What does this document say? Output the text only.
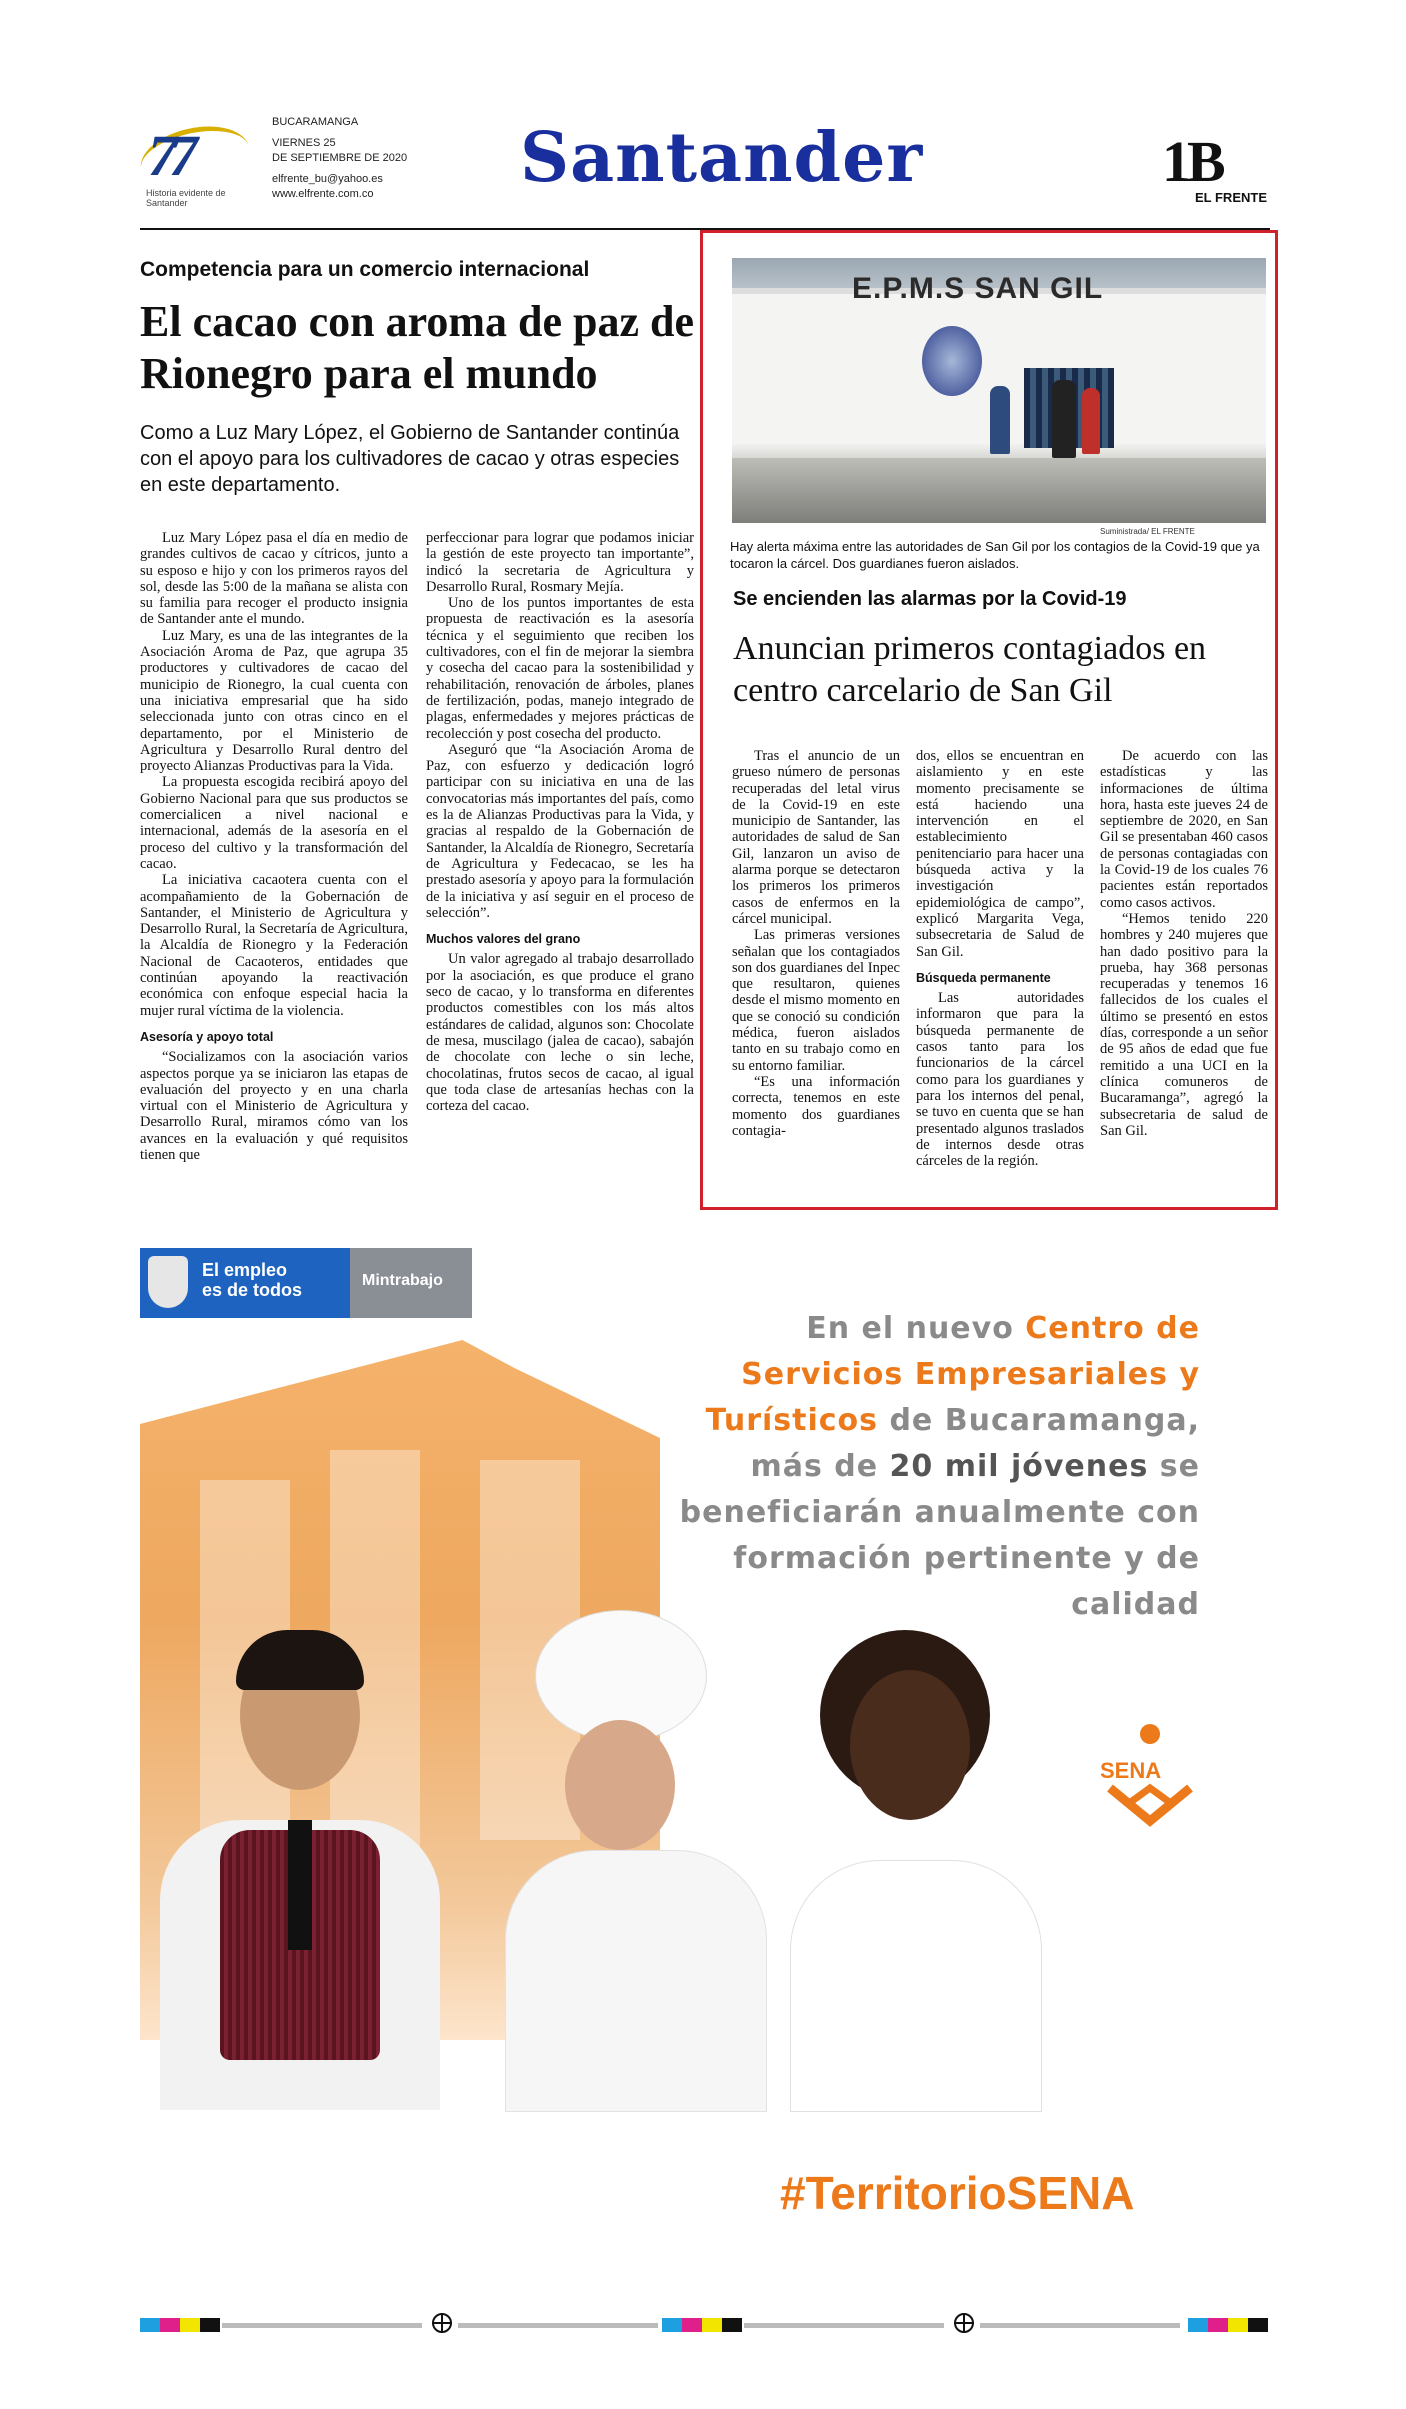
77
Historia evidente de Santander
BUCARAMANGA
VIERNES 25
DE SEPTIEMBRE DE 2020
elfrente_bu@yahoo.es
www.elfrente.com.co	Santander	1B
EL FRENTE
Competencia para un comercio internacional
El cacao con aroma de paz de Rionegro para el mundo
Como a Luz Mary López, el Gobierno de Santander continúa con el apoyo para los cultivadores de cacao y otras especies en este departamento.

Luz Mary López pasa el día en medio de grandes cultivos de cacao y cítricos, junto a su esposo e hijo y con los primeros rayos del sol, desde las 5:00 de la mañana se alista con su familia para recoger el producto insignia de Santander ante el mundo.

Luz Mary, es una de las integrantes de la Asociación Aroma de Paz, que agrupa 35 productores y cultivadores de cacao del municipio de Rionegro, la cual cuenta con una iniciativa empresarial que ha sido seleccionada junto con otras cinco en el departamento, por el Ministerio de Agricultura y Desarrollo Rural dentro del proyecto Alianzas Productivas para la Vida.

La propuesta escogida recibirá apoyo del Gobierno Nacional para que sus productos se comercialicen a nivel nacional e internacional, además de la asesoría en el proceso del cultivo y la transformación del cacao.

La iniciativa cacaotera cuenta con el acompañamiento de la Gobernación de Santander, el Ministerio de Agricultura y Desarrollo Rural, la Secretaría de Agricultura, la Alcaldía de Rionegro y la Federación Nacional de Cacaoteros, entidades que continúan apoyando la reactivación económica con enfoque especial hacia la mujer rural víctima de la violencia.

Asesoría y apoyo total

“Socializamos con la asociación varios aspectos porque ya se iniciaron las etapas de evaluación del proyecto y en una charla virtual con el Ministerio de Agricultura y Desarrollo Rural, miramos cómo van los avances en la evaluación y qué requisitos tienen que

perfeccionar para lograr que podamos iniciar la gestión de este proyecto tan importante”, indicó la secretaria de Agricultura y Desarrollo Rural, Rosmary Mejía.

Uno de los puntos importantes de esta propuesta de reactivación es la asesoría técnica y el seguimiento que reciben los cultivadores, con el fin de mejorar la siembra y cosecha del cacao para la sostenibilidad y rehabilitación, renovación de árboles, planes de fertilización, podas, manejo integrado de plagas, enfermedades y mejores prácticas de recolección y post cosecha del producto.

Aseguró que “la Asociación Aroma de Paz, con esfuerzo y dedicación logró participar con su iniciativa en una de las convocatorias más importantes del país, como es la de Alianzas Productivas para la Vida, y gracias al respaldo de la Gobernación de Santander, la Alcaldía de Rionegro, Secretaría de Agricultura y Fedecacao, se les ha prestado asesoría y apoyo para la formulación de la iniciativa y así seguir en el proceso de selección”.

Muchos valores del grano

Un valor agregado al trabajo desarrollado por la asociación, es que produce el grano seco de cacao, y lo transforma en diferentes productos comestibles con los más altos estándares de calidad, algunos son: Chocolate de mesa, muscilago (jalea de cacao), sabajón de chocolate con leche o sin leche, chocolatinas, frutos secos de cacao, al igual que toda clase de artesanías hechas con la corteza del cacao.

E.P.M.S SAN GIL
Suministrada/ EL FRENTE
Hay alerta máxima entre las autoridades de San Gil por los contagios de la Covid-19 que ya tocaron la cárcel. Dos guardianes fueron aislados.
Se encienden las alarmas por la Covid-19
Anuncian primeros contagiados en centro carcelario de San Gil

Tras el anuncio de un grueso número de personas recuperadas del letal virus de la Covid-19 en este municipio de Santander, las autoridades de salud de San Gil, lanzaron un aviso de alarma porque se detectaron los primeros los primeros casos de enfermos en la cárcel municipal.

Las primeras versiones señalan que los contagiados son dos guardianes del Inpec que resultaron, quienes desde el mismo momento en que se conoció su condición médica, fueron aislados tanto en su trabajo como en su entorno familiar.

“Es una información correcta, tenemos en este momento dos guardianes contagia-

dos, ellos se encuentran en aislamiento y en este momento precisamente se está haciendo una intervención en el establecimiento penitenciario para hacer una búsqueda activa y la investigación epidemiológica de campo”, explicó Margarita Vega, subsecretaria de Salud de San Gil.

Búsqueda permanente

Las autoridades informaron que para la búsqueda permanente de casos tanto para los funcionarios de la cárcel como para los guardianes y para los internos del penal, se tuvo en cuenta que se han presentado algunos traslados de internos desde otras cárceles de la región.

De acuerdo con las estadísticas y las informaciones de última hora, hasta este jueves 24 de septiembre de 2020, en San Gil se presentaban 460 casos de personas contagiadas con la Covid-19 de los cuales 76 pacientes están reportados como casos activos.

“Hemos tenido 220 hombres y 240 mujeres que han dado positivo para la prueba, hay 368 personas recuperadas y tenemos 16 fallecidos de los cuales el último se presentó en estos días, corresponde a un señor de 95 años de edad que fue remitido a una UCI en la clínica comuneros de Bucaramanga”, agregó la subsecretaria de salud de San Gil.

El empleo
es de todos	Mintrabajo
En el nuevo Centro de Servicios Empresariales y Turísticos de Bucaramanga, más de 20 mil jóvenes se beneficiarán anualmente con formación pertinente y de calidad
SENA
#TerritorioSENA
